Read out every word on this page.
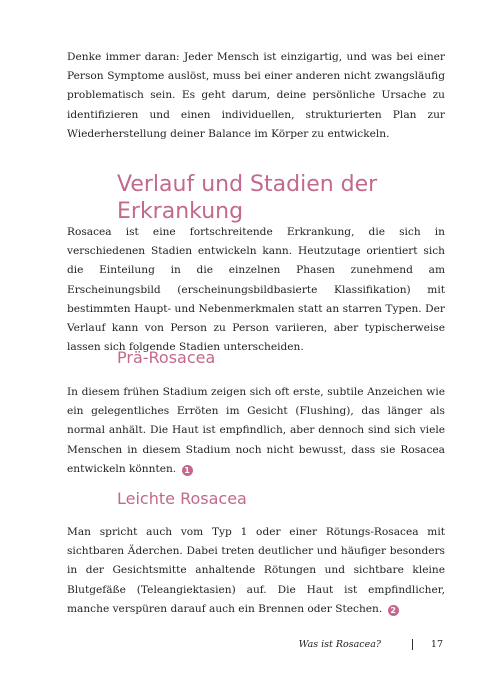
Denke immer daran: Jeder Mensch ist einzigartig, und was bei einer Person Symptome auslöst, muss bei einer anderen nicht zwangsläufig problematisch sein. Es geht darum, deine persönliche Ursache zu identifizieren und einen individuellen, strukturierten Plan zur Wiederherstellung deiner Balance im Körper zu entwickeln.

Verlauf und Stadien der Erkrankung

Rosacea ist eine fortschreitende Erkrankung, die sich in verschiedenen Stadien entwickeln kann. Heutzutage orientiert sich die Einteilung in die einzelnen Phasen zunehmend am Erscheinungsbild (erscheinungsbildbasierte Klassifikation) mit bestimmten Haupt- und Nebenmerkmalen statt an starren Typen. Der Verlauf kann von Person zu Person variieren, aber typischerweise lassen sich folgende Stadien unterscheiden.

Prä-Rosacea

In diesem frühen Stadium zeigen sich oft erste, subtile Anzeichen wie ein gelegentliches Erröten im Gesicht (Flushing), das länger als normal anhält. Die Haut ist empfindlich, aber dennoch sind sich viele Menschen in diesem Stadium noch nicht bewusst, dass sie Rosacea entwickeln könnten. 1

Leichte Rosacea

Man spricht auch vom Typ 1 oder einer Rötungs-Rosacea mit sichtbaren Äderchen. Dabei treten deutlicher und häufiger besonders in der Gesichtsmitte anhaltende Rötungen und sichtbare kleine Blutgefäße (Teleangiektasien) auf. Die Haut ist empfindlicher, manche verspüren darauf auch ein Brennen oder Stechen. 2

Was ist Rosacea?	17
